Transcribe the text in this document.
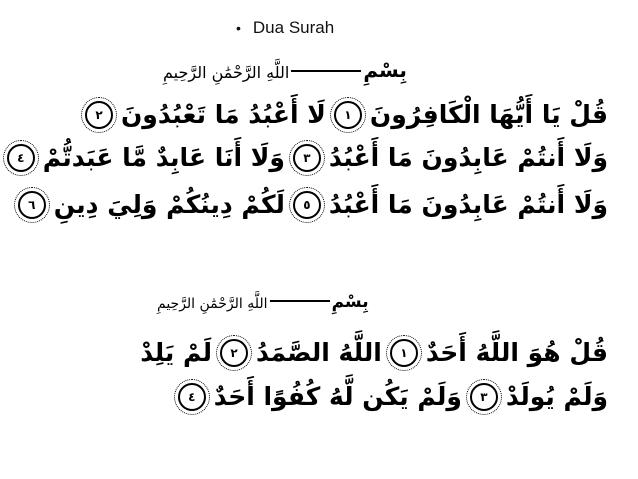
• Dua Surah
بِسْمِ
اللَّهِ الرَّحْمَٰنِ الرَّحِيمِ
قُلْ يَا أَيُّهَا الْكَافِرُونَ
١
لَا أَعْبُدُ مَا تَعْبُدُونَ
٢
وَلَا أَنتُمْ عَابِدُونَ مَا أَعْبُدُ
٣
وَلَا أَنَا عَابِدٌ مَّا عَبَدتُّمْ
٤
وَلَا أَنتُمْ عَابِدُونَ مَا أَعْبُدُ
٥
لَكُمْ دِينُكُمْ وَلِيَ دِينِ
٦
بِسْمِ
اللَّهِ الرَّحْمَٰنِ الرَّحِيمِ
قُلْ هُوَ اللَّهُ أَحَدٌ
١
اللَّهُ الصَّمَدُ
٢
لَمْ يَلِدْ
وَلَمْ يُولَدْ
٣
وَلَمْ يَكُن لَّهُ كُفُوًا أَحَدٌ
٤
